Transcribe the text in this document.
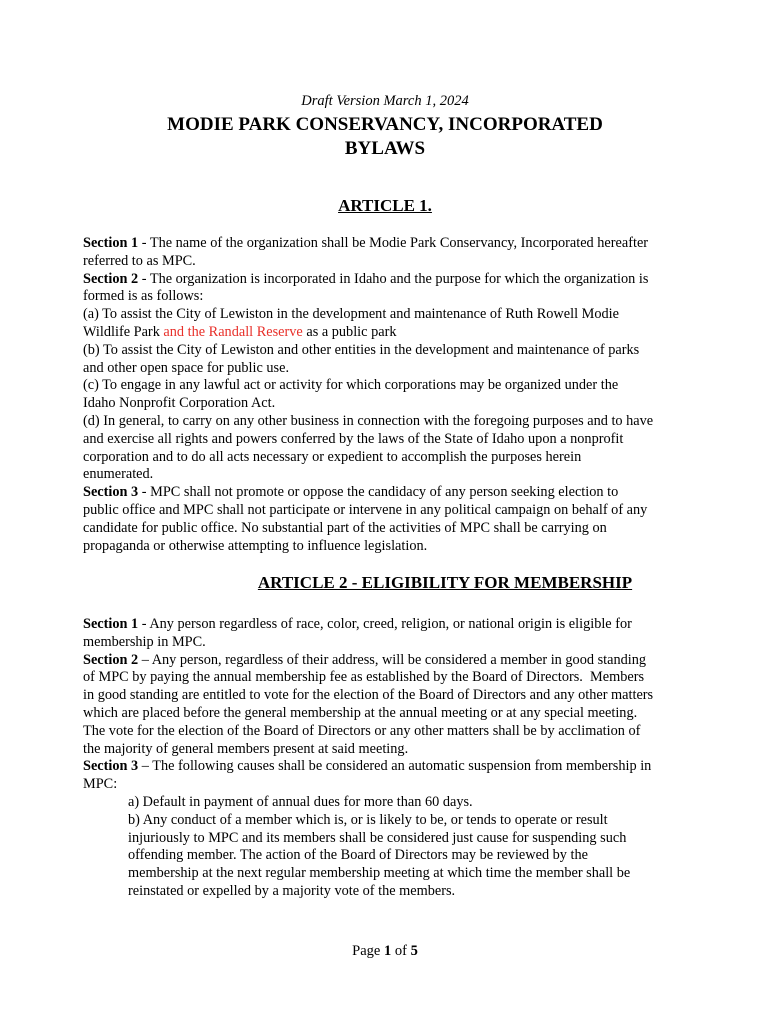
Draft Version March 1, 2024
MODIE PARK CONSERVANCY, INCORPORATED
BYLAWS
ARTICLE 1.
Section 1 - The name of the organization shall be Modie Park Conservancy, Incorporated hereafter
referred to as MPC.
Section 2 - The organization is incorporated in Idaho and the purpose for which the organization is
formed is as follows:
(a) To assist the City of Lewiston in the development and maintenance of Ruth Rowell Modie
Wildlife Park and the Randall Reserve as a public park
(b) To assist the City of Lewiston and other entities in the development and maintenance of parks
and other open space for public use.
(c) To engage in any lawful act or activity for which corporations may be organized under the
Idaho Nonprofit Corporation Act.
(d) In general, to carry on any other business in connection with the foregoing purposes and to have
and exercise all rights and powers conferred by the laws of the State of Idaho upon a nonprofit
corporation and to do all acts necessary or expedient to accomplish the purposes herein
enumerated.
Section 3 - MPC shall not promote or oppose the candidacy of any person seeking election to
public office and MPC shall not participate or intervene in any political campaign on behalf of any
candidate for public office. No substantial part of the activities of MPC shall be carrying on
propaganda or otherwise attempting to influence legislation.
ARTICLE 2 - ELIGIBILITY FOR MEMBERSHIP
Section 1 - Any person regardless of race, color, creed, religion, or national origin is eligible for
membership in MPC.
Section 2 – Any person, regardless of their address, will be considered a member in good standing
of MPC by paying the annual membership fee as established by the Board of Directors.  Members
in good standing are entitled to vote for the election of the Board of Directors and any other matters
which are placed before the general membership at the annual meeting or at any special meeting.
The vote for the election of the Board of Directors or any other matters shall be by acclimation of
the majority of general members present at said meeting.
Section 3 – The following causes shall be considered an automatic suspension from membership in
MPC:
a) Default in payment of annual dues for more than 60 days.
b) Any conduct of a member which is, or is likely to be, or tends to operate or result
injuriously to MPC and its members shall be considered just cause for suspending such
offending member. The action of the Board of Directors may be reviewed by the
membership at the next regular membership meeting at which time the member shall be
reinstated or expelled by a majority vote of the members.
Page 1 of 5
